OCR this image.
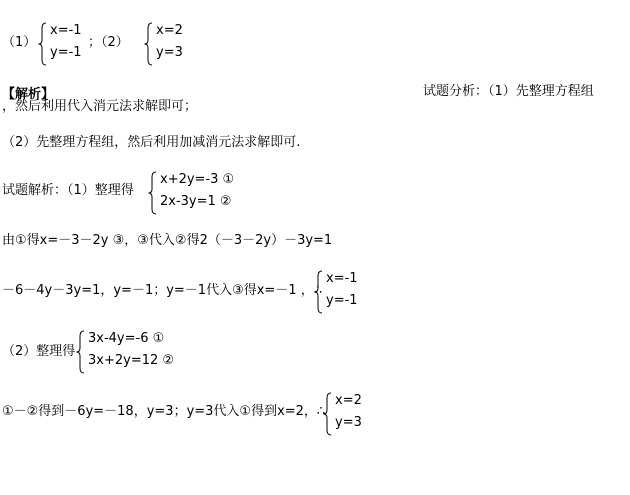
（1）
x=-1
y=-1
；（2）
x=2
y=3
【解析】	试题分析：（1）先整理方程组
，然后利用代入消元法求解即可；
（2）先整理方程组，然后利用加减消元法求解即可.
试题解析：（1）整理得
x+2y=-3 ①
2x-3y=1 ②
由①得x=－3－2y ③，③代入②得2（－3－2y）－3y=1
－6－4y－3y=1，y=－1；y=－1代入③得x=－1 ，∴
x=-1
y=-1
（2）整理得
3x-4y=-6 ①
3x+2y=12 ②
①－②得到－6y=－18，y=3；y=3代入①得到x=2，∴
x=2
y=3
